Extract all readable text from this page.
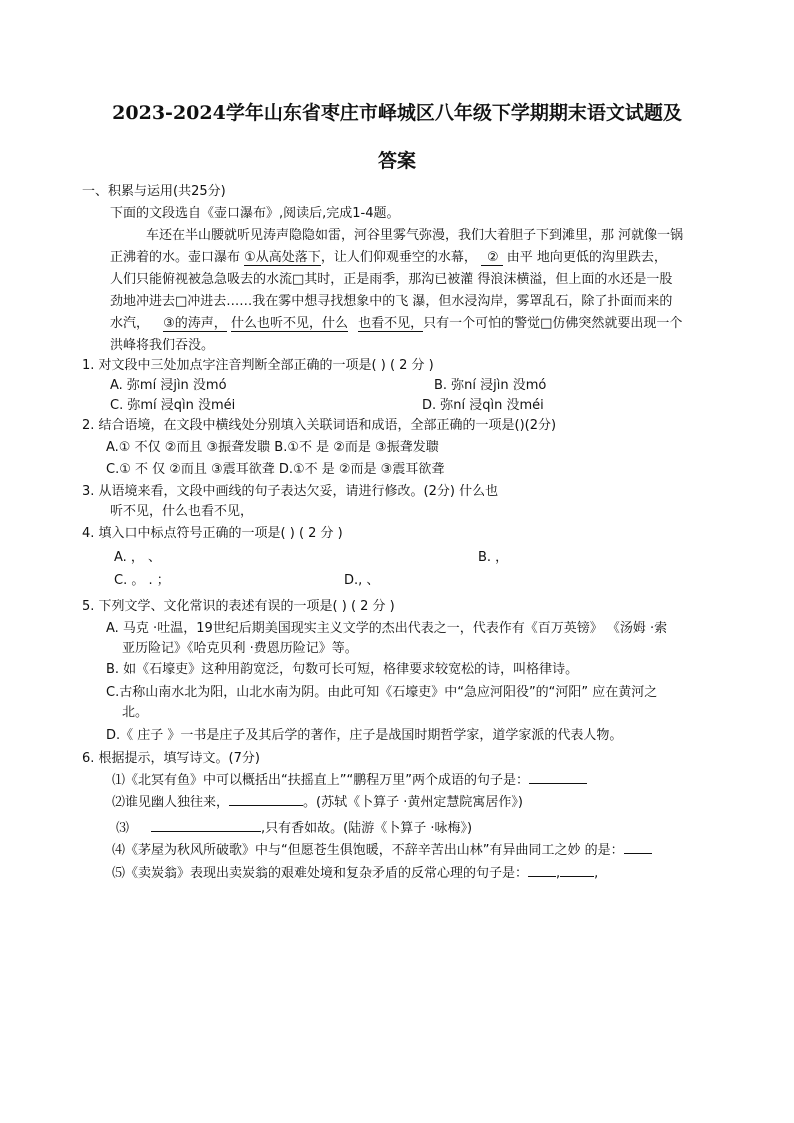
2023-2024学年山东省枣庄市峄城区八年级下学期期末语文试题及
答案
一、积累与运用(共25分)
下面的文段选自《壶口瀑布》,阅读后,完成1-4题。
车还在半山腰就听见涛声隐隐如雷，河谷里雾气弥漫，我们大着胆子下到滩里，那 河就像一锅
正沸着的水。壶口瀑布 ①从高处落下，让人们仰观垂空的水幕， ② 由平 地向更低的沟里跌去，
人们只能俯视被急急吸去的水流□其时，正是雨季，那沟已被灌 得浪沫横溢，但上面的水还是一股
劲地冲进去□冲进去……我在雾中想寻找想象中的飞 瀑，但水浸沟岸，雾罩乱石，除了扑面而来的
水汽， ③的涛声， 什么也听不见，什么 也看不见，只有一个可怕的警觉□仿佛突然就要出现一个
洪峰将我们吞没。
1. 对文段中三处加点字注音判断全部正确的一项是( ) ( 2 分 )
A. 弥mí 浸jìn 没mó	B. 弥ní 浸jìn 没mó
C. 弥mí 浸qìn 没méi	D. 弥ní 浸qìn 没méi
2. 结合语境，在文段中横线处分别填入关联词语和成语，全部正确的一项是()(2分)
A.① 不仅 ②而且 ③振聋发聩 B.①不 是 ②而是 ③振聋发聩
C.① 不 仅 ②而且 ③震耳欲聋 D.①不 是 ②而是 ③震耳欲聋
3. 从语境来看，文段中画线的句子表达欠妥，请进行修改。(2分) 什么也
听不见，什么也看不见，
4. 填入口中标点符号正确的一项是( ) ( 2 分 )
A. ， 、	B. ，
C. 。 . ；	D., 、
5. 下列文学、文化常识的表述有误的一项是( ) ( 2 分 )
A. 马克 ·吐温，19世纪后期美国现实主义文学的杰出代表之一，代表作有《百万英镑》 《汤姆 ·索
亚历险记》《哈克贝利 ·费恩历险记》等。
B. 如《石壕吏》这种用韵宽泛，句数可长可短，格律要求较宽松的诗，叫格律诗。
C.古称山南水北为阳，山北水南为阴。由此可知《石壕吏》中“急应河阳役”的“河阳” 应在黄河之
北。
D.《 庄子 》一书是庄子及其后学的著作，庄子是战国时期哲学家，道学家派的代表人物。
6. 根据提示，填写诗文。(7分)
⑴《北冥有鱼》中可以概括出“扶摇直上”“鹏程万里”两个成语的句子是：
⑵谁见幽人独往来，	。(苏轼《卜算子 ·黄州定慧院寓居作》)
⑶	,只有香如故。(陆游《卜算子 ·咏梅》)
⑷《茅屋为秋风所破歌》中与“但愿苍生俱饱暖，不辞辛苦出山林”有异曲同工之妙 的是：
⑸《卖炭翁》表现出卖炭翁的艰难处境和复杂矛盾的反常心理的句子是： ,	,
